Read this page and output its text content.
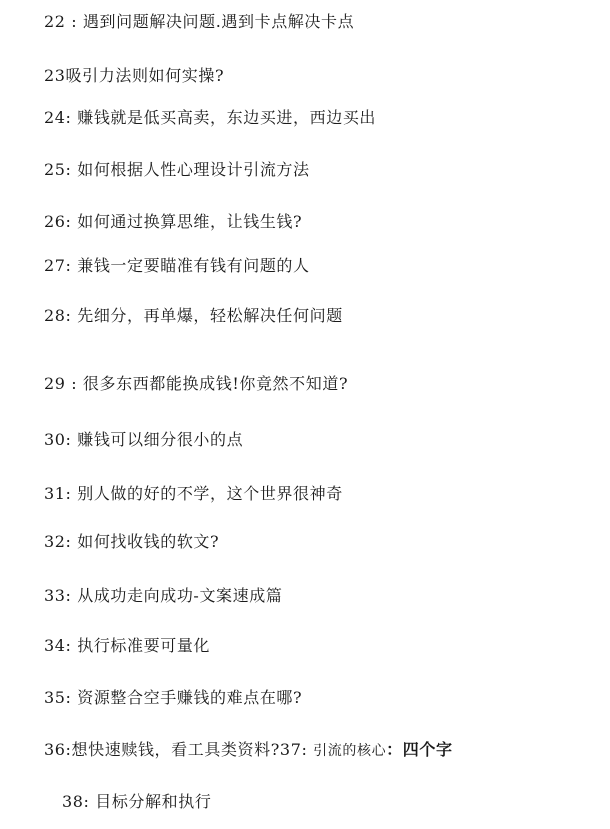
22 : 遇到问题解决问题.遇到卡点解决卡点
23吸引力法则如何实操?
24: 赚钱就是低买高卖，东边买进，西边买出
25: 如何根据人性心理设计引流方法
26: 如何通过换算思维，让钱生钱?
27: 兼钱一定要瞄准有钱有问题的人
28: 先细分，再单爆，轻松解决任何问题
29 : 很多东西都能换成钱!你竟然不知道?
30: 赚钱可以细分很小的点
31: 别人做的好的不学，这个世界很神奇
32: 如何找收钱的软文?
33: 从成功走向成功-文案速成篇
34: 执行标准要可量化
35: 资源整合空手赚钱的难点在哪?
36:想快速赎钱，看工具类资料?37: 引流的核心：四个字
38: 目标分解和执行
